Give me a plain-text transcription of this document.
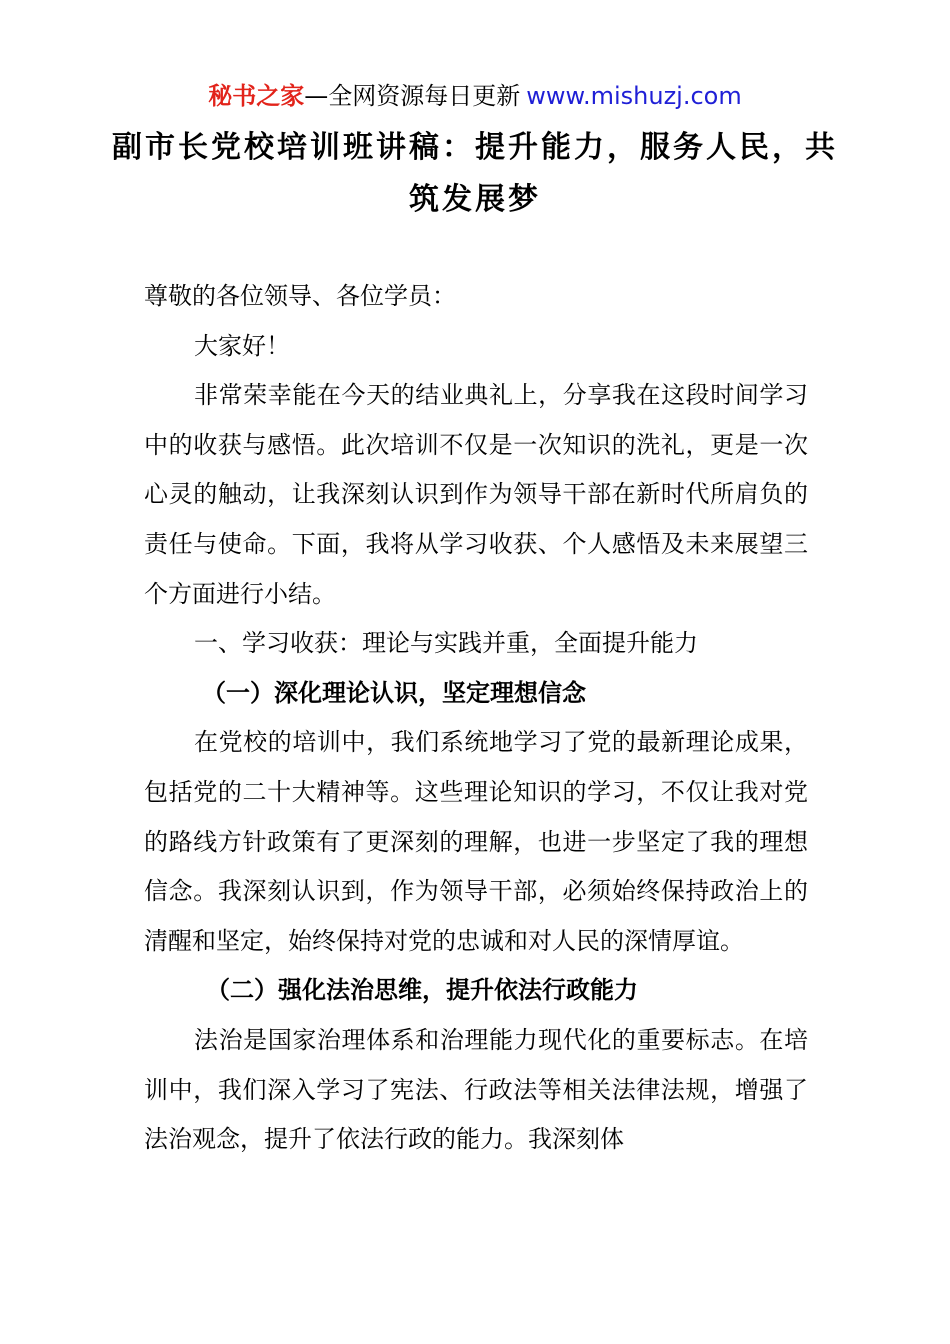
秘书之家—全网资源每日更新 www.mishuzj.com
副市长党校培训班讲稿：提升能力，服务人民，共筑发展梦

尊敬的各位领导、各位学员：

大家好！

非常荣幸能在今天的结业典礼上，分享我在这段时间学习中的收获与感悟。此次培训不仅是一次知识的洗礼，更是一次心灵的触动，让我深刻认识到作为领导干部在新时代所肩负的责任与使命。下面，我将从学习收获、个人感悟及未来展望三个方面进行小结。

一、学习收获：理论与实践并重，全面提升能力

（一）深化理论认识，坚定理想信念

在党校的培训中，我们系统地学习了党的最新理论成果，包括党的二十大精神等。这些理论知识的学习，不仅让我对党的路线方针政策有了更深刻的理解，也进一步坚定了我的理想信念。我深刻认识到，作为领导干部，必须始终保持政治上的清醒和坚定，始终保持对党的忠诚和对人民的深情厚谊。

（二）强化法治思维，提升依法行政能力

法治是国家治理体系和治理能力现代化的重要标志。在培训中，我们深入学习了宪法、行政法等相关法律法规，增强了法治观念，提升了依法行政的能力。我深刻体
